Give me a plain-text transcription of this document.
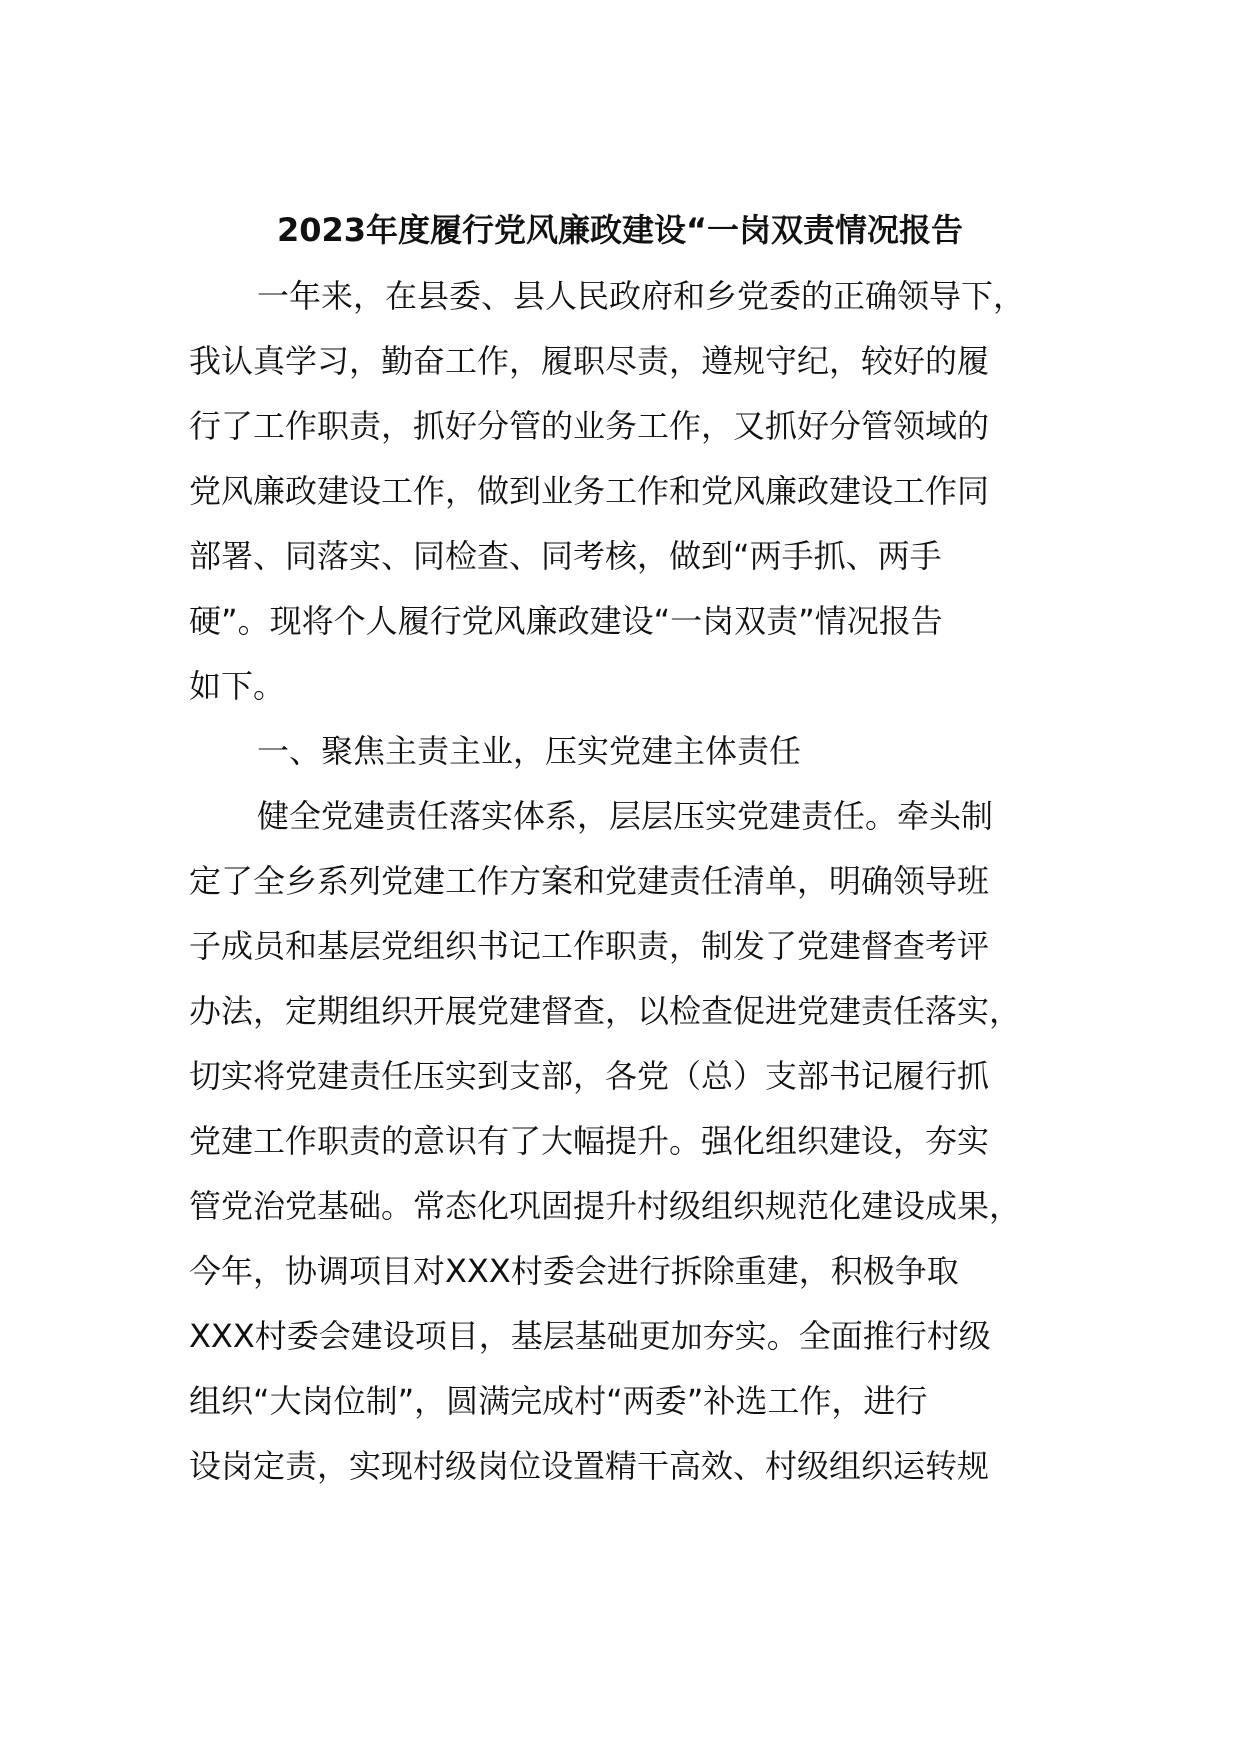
2023年度履行党风廉政建设“一岗双责情况报告
一年来，在县委、县人民政府和乡党委的正确领导下，
我认真学习，勤奋工作，履职尽责，遵规守纪，较好的履
行了工作职责，抓好分管的业务工作，又抓好分管领域的
党风廉政建设工作，做到业务工作和党风廉政建设工作同
部署、同落实、同检查、同考核，做到“两手抓、两手
硬”。现将个人履行党风廉政建设“一岗双责”情况报告
如下。
一、聚焦主责主业，压实党建主体责任
健全党建责任落实体系，层层压实党建责任。牵头制
定了全乡系列党建工作方案和党建责任清单，明确领导班
子成员和基层党组织书记工作职责，制发了党建督查考评
办法，定期组织开展党建督查，以检查促进党建责任落实，
切实将党建责任压实到支部，各党（总）支部书记履行抓
党建工作职责的意识有了大幅提升。强化组织建设，夯实
管党治党基础。常态化巩固提升村级组织规范化建设成果，
今年，协调项目对XXX村委会进行拆除重建，积极争取
XXX村委会建设项目，基层基础更加夯实。全面推行村级
组织“大岗位制”，圆满完成村“两委”补选工作，进行
设岗定责，实现村级岗位设置精干高效、村级组织运转规
